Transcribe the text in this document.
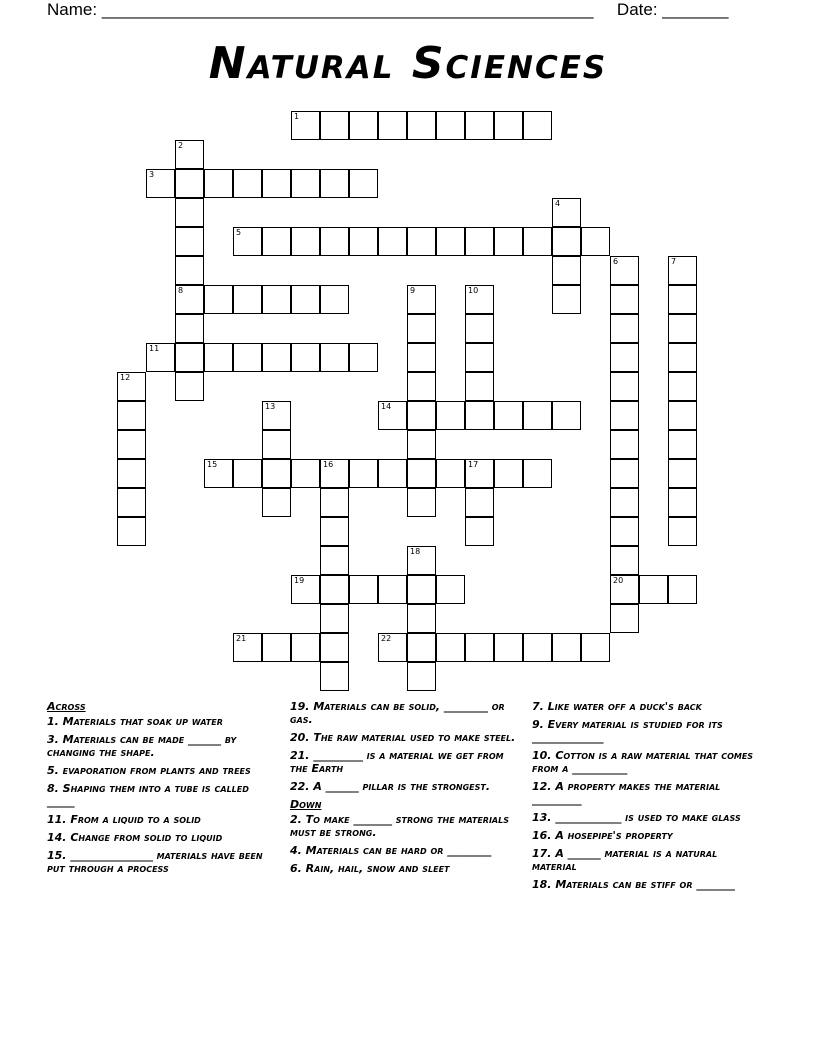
Name: ____________________________________________________ Date: _______
Natural Sciences
1
2
3
4
5
6	7
8	9	10
11
12
13	14
15	16	17
18
19	20
21	22
Across
1. Materials that soak up water
3. Materials can be made ______ by changing the shape.
5. evaporation from plants and trees
8. Shaping them into a tube is called _____
11. From a liquid to a solid
14. Change from solid to liquid
15. _______________ materials have been put through a process
19. Materials can be solid, ________ or gas.
20. The raw material used to make steel.
21. _________ is a material we get from the Earth
22. A ______ pillar is the strongest.
Down
2. To make _______ strong the materials must be strong.
4. Materials can be hard or ________
6. Rain, hail, snow and sleet
7. Like water off a duck's back
9. Every material is studied for its _____________
10. Cotton is a raw material that comes from a __________
12. A property makes the material _________
13. ____________ is used to make glass
16. A hosepipe's property
17. A ______ material is a natural material
18. Materials can be stiff or _______
